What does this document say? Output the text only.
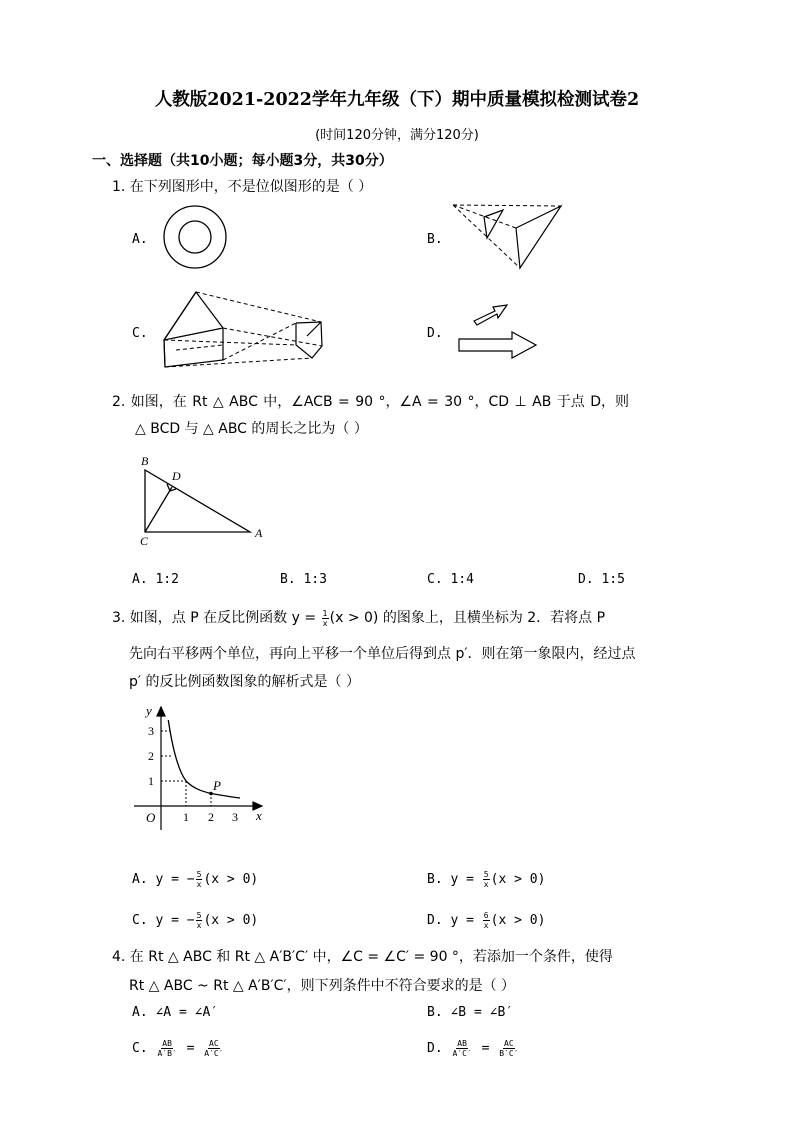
人教版2021-2022学年九年级（下）期中质量模拟检测试卷2
(时间120分钟，满分120分)
一、选择题（共10小题；每小题3分，共30分）
1. 在下列图形中，不是位似图形的是（ ）
A.	B.
C.	D.
2. 如图，在 Rt △ ABC 中，∠ACB = 90 °，∠A = 30 °，CD ⊥ AB 于点 D，则
△ BCD 与 △ ABC 的周长之比为（ ）
B
D
C
A
A. 1:2	B. 1:3	C. 1:4	D. 1:5
3. 如图，点 P 在反比例函数 $y = \frac{1}{x} (x > 0)$ 的图象上，且横坐标为 2．若将点 P
先向右平移两个单位，再向上平移一个单位后得到点 p′．则在第一象限内，经过点
p′ 的反比例函数图象的解析式是（ ）
P
y
x
O 1 2 3
1
2
3
A. y = − $\frac{5}{x} (x > 0)$	B. $y = \frac{5}{x} (x > 0)$
C. y = − $\frac{5}{x} (x > 0)$	D. $y = \frac{6}{x} (x > 0)$
4. 在 Rt △ ABC 和 Rt △ A′B′C′ 中，∠C = ∠C′ = 90 °，若添加一个条件，使得
Rt △ ABC ~ Rt △ A′B′C′，则下列条件中不符合要求的是（ ）
A. ∠A = ∠A′	B. ∠B = ∠B′
C. $\frac{AB}{A'B'} = \frac{AC}{A'C'}$	D. $\frac{AB}{A'C'} = \frac{AC}{B'C'}$
